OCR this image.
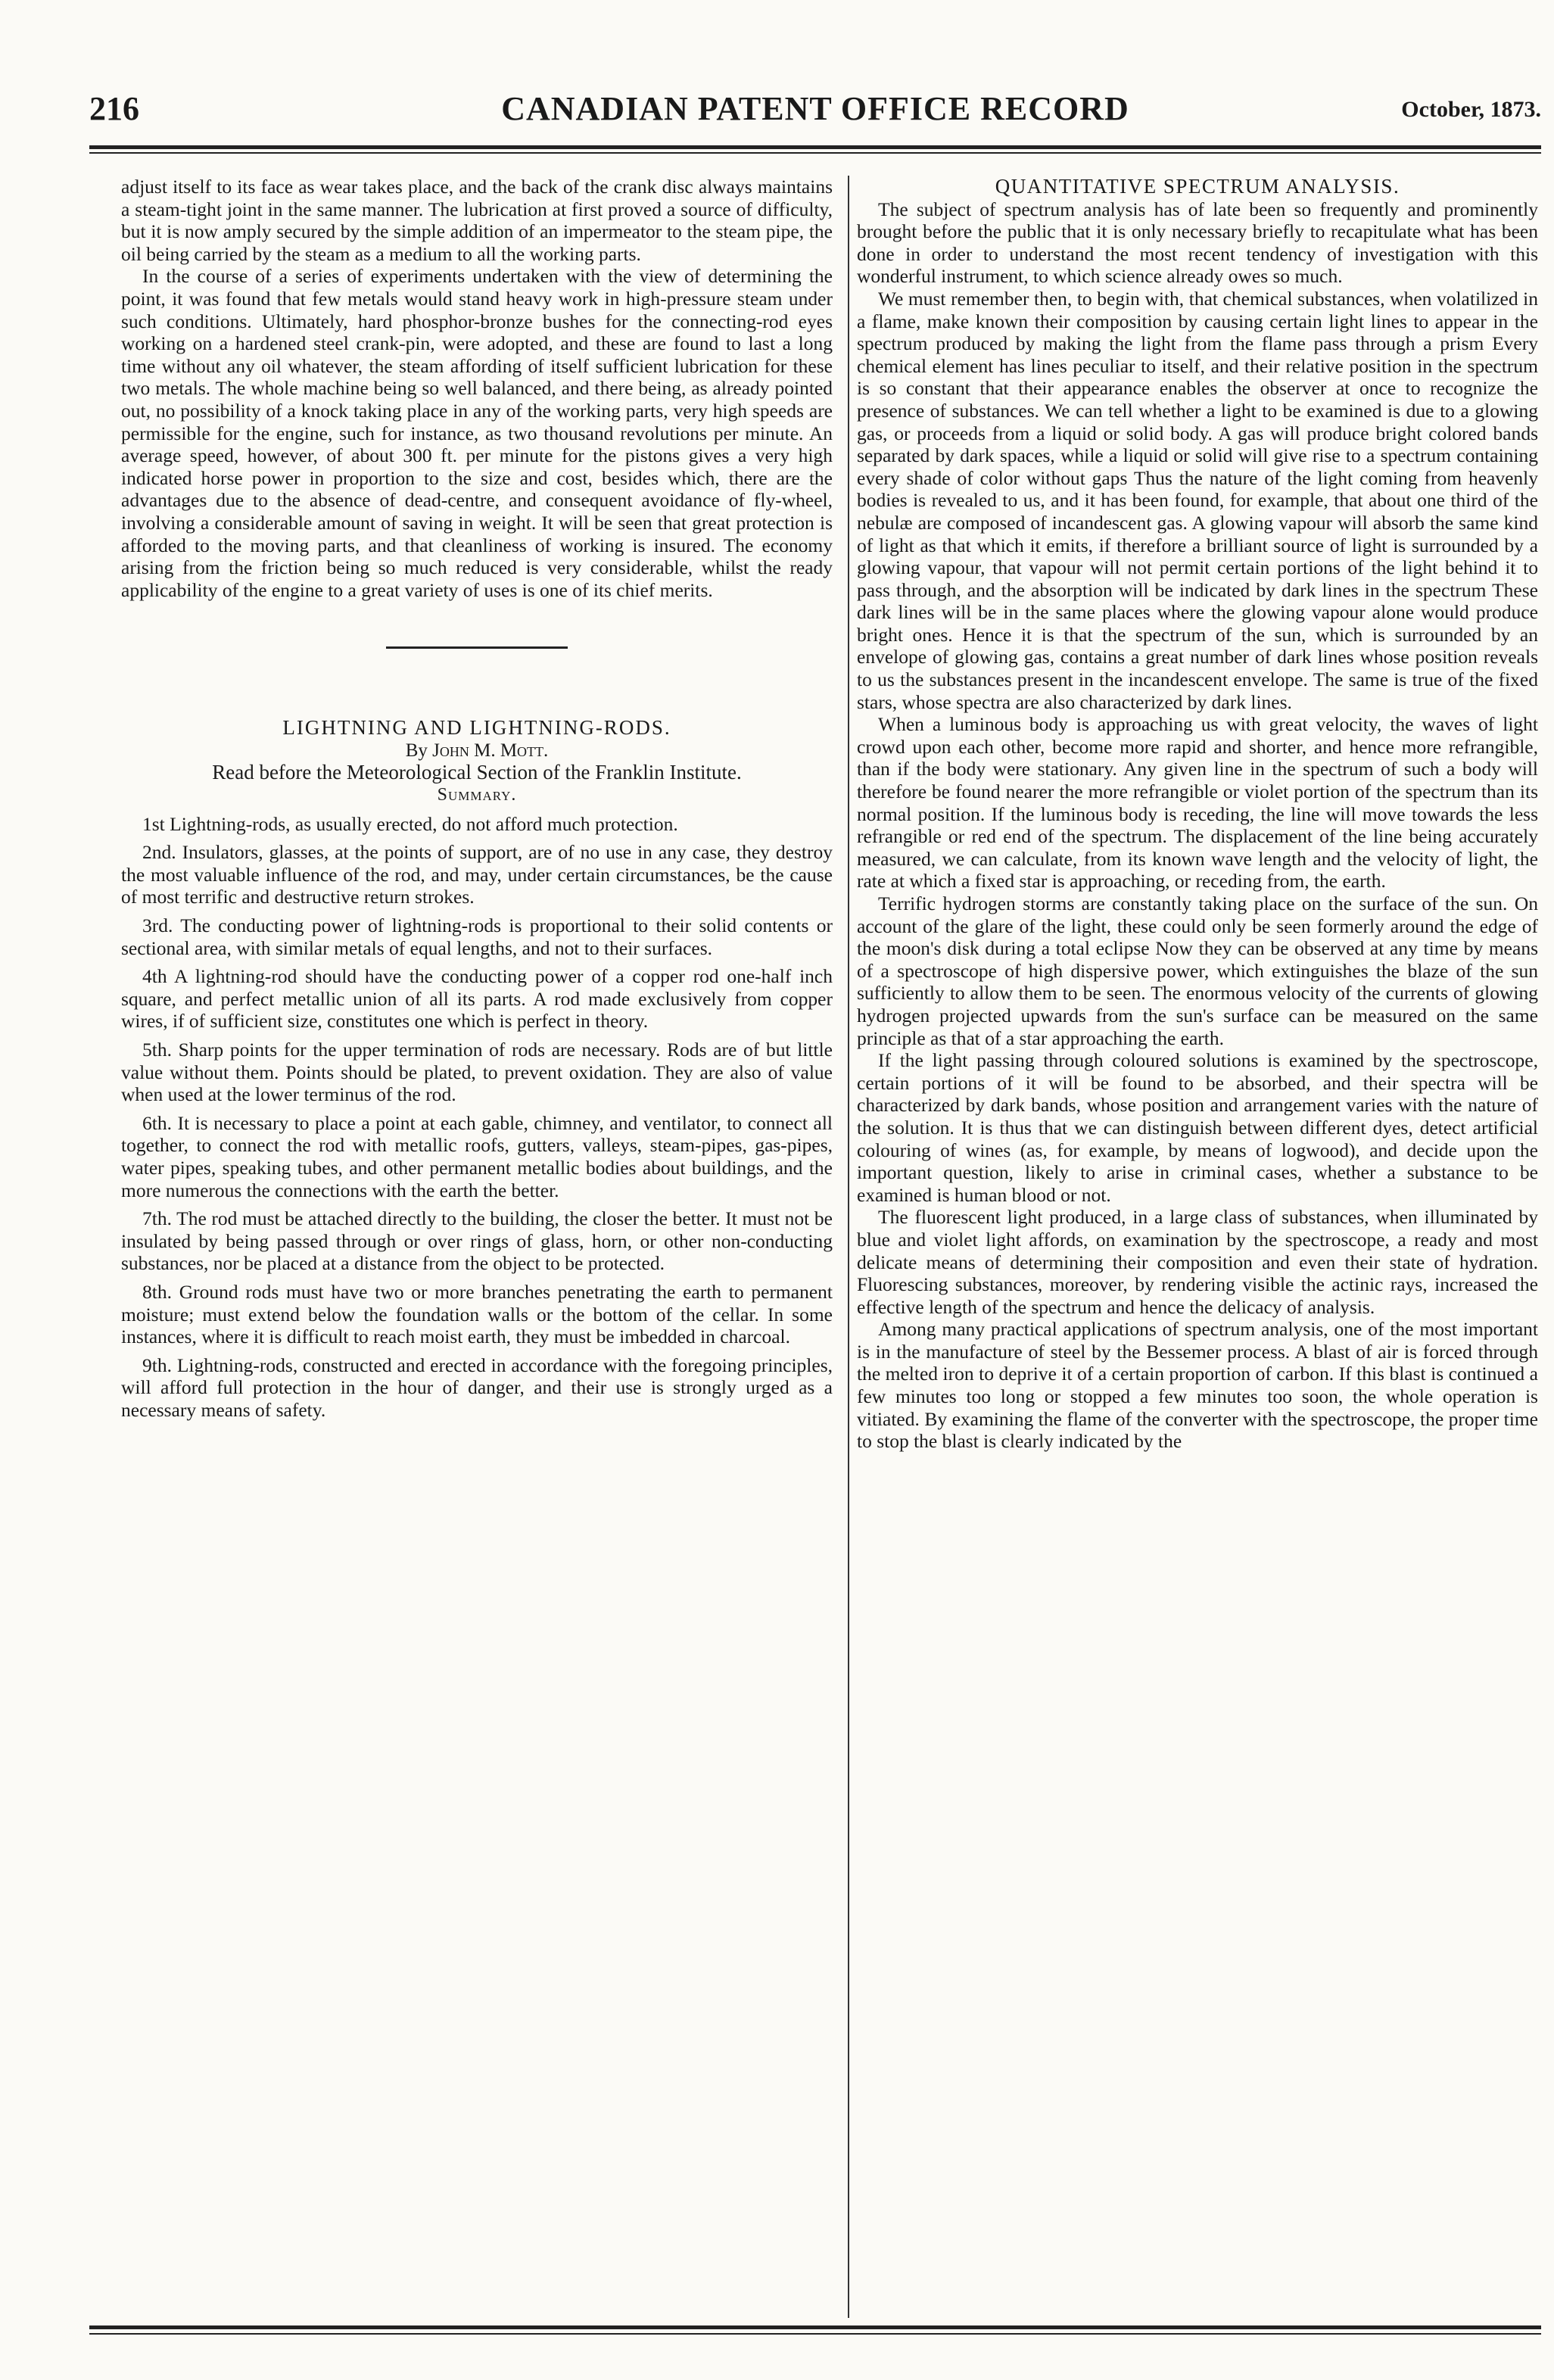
216	CANADIAN PATENT OFFICE RECORD	October, 1873.

adjust itself to its face as wear takes place, and the back of the crank disc always maintains a steam-tight joint in the same manner. The lubrication at first proved a source of difficulty, but it is now amply secured by the simple addition of an impermeator to the steam pipe, the oil being carried by the steam as a medium to all the working parts.

In the course of a series of experiments undertaken with the view of determining the point, it was found that few metals would stand heavy work in high-pressure steam under such conditions. Ultimately, hard phosphor-bronze bushes for the connecting-rod eyes working on a hardened steel crank-pin, were adopted, and these are found to last a long time without any oil whatever, the steam affording of itself sufficient lubrication for these two metals. The whole machine being so well balanced, and there being, as already pointed out, no possibility of a knock taking place in any of the working parts, very high speeds are permissible for the engine, such for instance, as two thousand revolutions per minute. An average speed, however, of about 300 ft. per minute for the pistons gives a very high indicated horse power in proportion to the size and cost, besides which, there are the advantages due to the absence of dead-centre, and consequent avoidance of fly-wheel, involving a considerable amount of saving in weight. It will be seen that great protection is afforded to the moving parts, and that cleanliness of working is insured. The economy arising from the friction being so much reduced is very considerable, whilst the ready applicability of the engine to a great variety of uses is one of its chief merits.

LIGHTNING AND LIGHTNING-RODS.

By John M. Mott.

Read before the Meteorological Section of the Franklin Institute.

Summary.

1st Lightning-rods, as usually erected, do not afford much protection.

2nd. Insulators, glasses, at the points of support, are of no use in any case, they destroy the most valuable influence of the rod, and may, under certain circumstances, be the cause of most terrific and destructive return strokes.

3rd. The conducting power of lightning-rods is proportional to their solid contents or sectional area, with similar metals of equal lengths, and not to their surfaces.

4th A lightning-rod should have the conducting power of a copper rod one-half inch square, and perfect metallic union of all its parts. A rod made exclusively from copper wires, if of sufficient size, constitutes one which is perfect in theory.

5th. Sharp points for the upper termination of rods are necessary. Rods are of but little value without them. Points should be plated, to prevent oxidation. They are also of value when used at the lower terminus of the rod.

6th. It is necessary to place a point at each gable, chimney, and ventilator, to connect all together, to connect the rod with metallic roofs, gutters, valleys, steam-pipes, gas-pipes, water pipes, speaking tubes, and other permanent metallic bodies about buildings, and the more numerous the connections with the earth the better.

7th. The rod must be attached directly to the building, the closer the better. It must not be insulated by being passed through or over rings of glass, horn, or other non-conducting substances, nor be placed at a distance from the object to be protected.

8th. Ground rods must have two or more branches penetrating the earth to permanent moisture; must extend below the foundation walls or the bottom of the cellar. In some instances, where it is difficult to reach moist earth, they must be imbedded in charcoal.

9th. Lightning-rods, constructed and erected in accordance with the foregoing principles, will afford full protection in the hour of danger, and their use is strongly urged as a necessary means of safety.

QUANTITATIVE SPECTRUM ANALYSIS.

The subject of spectrum analysis has of late been so frequently and prominently brought before the public that it is only necessary briefly to recapitulate what has been done in order to understand the most recent tendency of investigation with this wonderful instrument, to which science already owes so much.

We must remember then, to begin with, that chemical substances, when volatilized in a flame, make known their composition by causing certain light lines to appear in the spectrum produced by making the light from the flame pass through a prism Every chemical element has lines peculiar to itself, and their relative position in the spectrum is so constant that their appearance enables the observer at once to recognize the presence of substances. We can tell whether a light to be examined is due to a glowing gas, or proceeds from a liquid or solid body. A gas will produce bright colored bands separated by dark spaces, while a liquid or solid will give rise to a spectrum containing every shade of color without gaps Thus the nature of the light coming from heavenly bodies is revealed to us, and it has been found, for example, that about one third of the nebulæ are composed of incandescent gas. A glowing vapour will absorb the same kind of light as that which it emits, if therefore a brilliant source of light is surrounded by a glowing vapour, that vapour will not permit certain portions of the light behind it to pass through, and the absorption will be indicated by dark lines in the spectrum These dark lines will be in the same places where the glowing vapour alone would produce bright ones. Hence it is that the spectrum of the sun, which is surrounded by an envelope of glowing gas, contains a great number of dark lines whose position reveals to us the substances present in the incandescent envelope. The same is true of the fixed stars, whose spectra are also characterized by dark lines.

When a luminous body is approaching us with great velocity, the waves of light crowd upon each other, become more rapid and shorter, and hence more refrangible, than if the body were stationary. Any given line in the spectrum of such a body will therefore be found nearer the more refrangible or violet portion of the spectrum than its normal position. If the luminous body is receding, the line will move towards the less refrangible or red end of the spectrum. The displacement of the line being accurately measured, we can calculate, from its known wave length and the velocity of light, the rate at which a fixed star is approaching, or receding from, the earth.

Terrific hydrogen storms are constantly taking place on the surface of the sun. On account of the glare of the light, these could only be seen formerly around the edge of the moon's disk during a total eclipse Now they can be observed at any time by means of a spectroscope of high dispersive power, which extinguishes the blaze of the sun sufficiently to allow them to be seen. The enormous velocity of the currents of glowing hydrogen projected upwards from the sun's surface can be measured on the same principle as that of a star approaching the earth.

If the light passing through coloured solutions is examined by the spectroscope, certain portions of it will be found to be absorbed, and their spectra will be characterized by dark bands, whose position and arrangement varies with the nature of the solution. It is thus that we can distinguish between different dyes, detect artificial colouring of wines (as, for example, by means of logwood), and decide upon the important question, likely to arise in criminal cases, whether a substance to be examined is human blood or not.

The fluorescent light produced, in a large class of substances, when illuminated by blue and violet light affords, on examination by the spectroscope, a ready and most delicate means of determining their composition and even their state of hydration. Fluorescing substances, moreover, by rendering visible the actinic rays, increased the effective length of the spectrum and hence the delicacy of analysis.

Among many practical applications of spectrum analysis, one of the most important is in the manufacture of steel by the Bessemer process. A blast of air is forced through the melted iron to deprive it of a certain proportion of carbon. If this blast is continued a few minutes too long or stopped a few minutes too soon, the whole operation is vitiated. By examining the flame of the converter with the spectroscope, the proper time to stop the blast is clearly indicated by the
